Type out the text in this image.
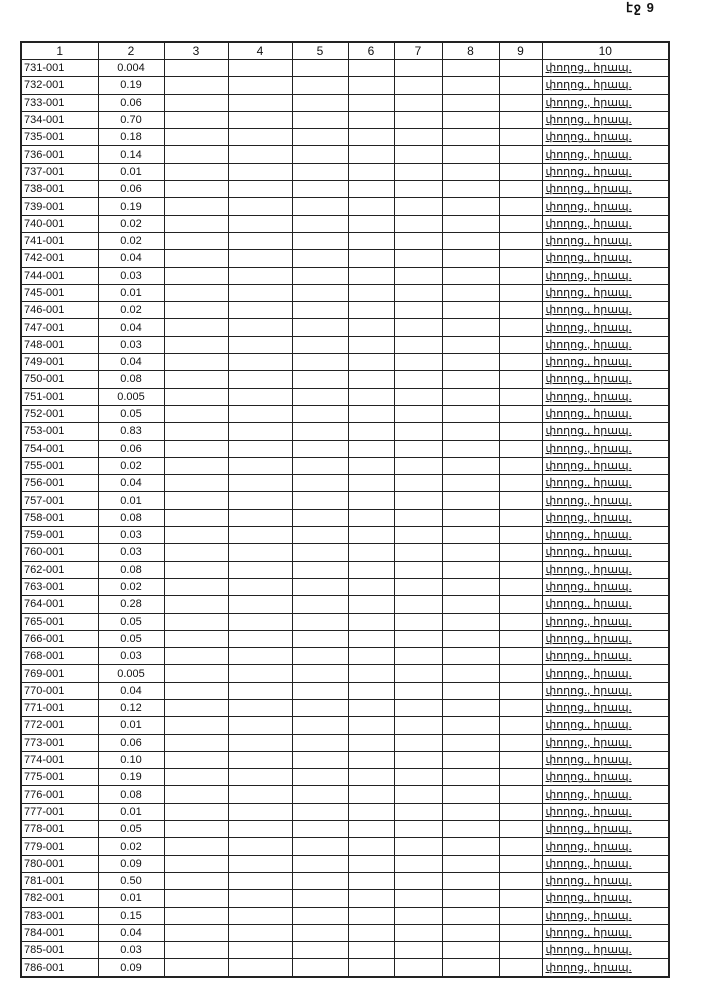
էջ 9
1	2	3	4	5	6	7	8	9	10
731-001	0.004								փողոց., հրապ.
732-001	0.19								փողոց., հրապ.
733-001	0.06								փողոց., հրապ.
734-001	0.70								փողոց., հրապ.
735-001	0.18								փողոց., հրապ.
736-001	0.14								փողոց., հրապ.
737-001	0.01								փողոց., հրապ.
738-001	0.06								փողոց., հրապ.
739-001	0.19								փողոց., հրապ.
740-001	0.02								փողոց., հրապ.
741-001	0.02								փողոց., հրապ.
742-001	0.04								փողոց., հրապ.
744-001	0.03								փողոց., հրապ.
745-001	0.01								փողոց., հրապ.
746-001	0.02								փողոց., հրապ.
747-001	0.04								փողոց., հրապ.
748-001	0.03								փողոց., հրապ.
749-001	0.04								փողոց., հրապ.
750-001	0.08								փողոց., հրապ.
751-001	0.005								փողոց., հրապ.
752-001	0.05								փողոց., հրապ.
753-001	0.83								փողոց., հրապ.
754-001	0.06								փողոց., հրապ.
755-001	0.02								փողոց., հրապ.
756-001	0.04								փողոց., հրապ.
757-001	0.01								փողոց., հրապ.
758-001	0.08								փողոց., հրապ.
759-001	0.03								փողոց., հրապ.
760-001	0.03								փողոց., հրապ.
762-001	0.08								փողոց., հրապ.
763-001	0.02								փողոց., հրապ.
764-001	0.28								փողոց., հրապ.
765-001	0.05								փողոց., հրապ.
766-001	0.05								փողոց., հրապ.
768-001	0.03								փողոց., հրապ.
769-001	0.005								փողոց., հրապ.
770-001	0.04								փողոց., հրապ.
771-001	0.12								փողոց., հրապ.
772-001	0.01								փողոց., հրապ.
773-001	0.06								փողոց., հրապ.
774-001	0.10								փողոց., հրապ.
775-001	0.19								փողոց., հրապ.
776-001	0.08								փողոց., հրապ.
777-001	0.01								փողոց., հրապ.
778-001	0.05								փողոց., հրապ.
779-001	0.02								փողոց., հրապ.
780-001	0.09								փողոց., հրապ.
781-001	0.50								փողոց., հրապ.
782-001	0.01								փողոց., հրապ.
783-001	0.15								փողոց., հրապ.
784-001	0.04								փողոց., հրապ.
785-001	0.03								փողոց., հրապ.
786-001	0.09								փողոց., հրապ.
